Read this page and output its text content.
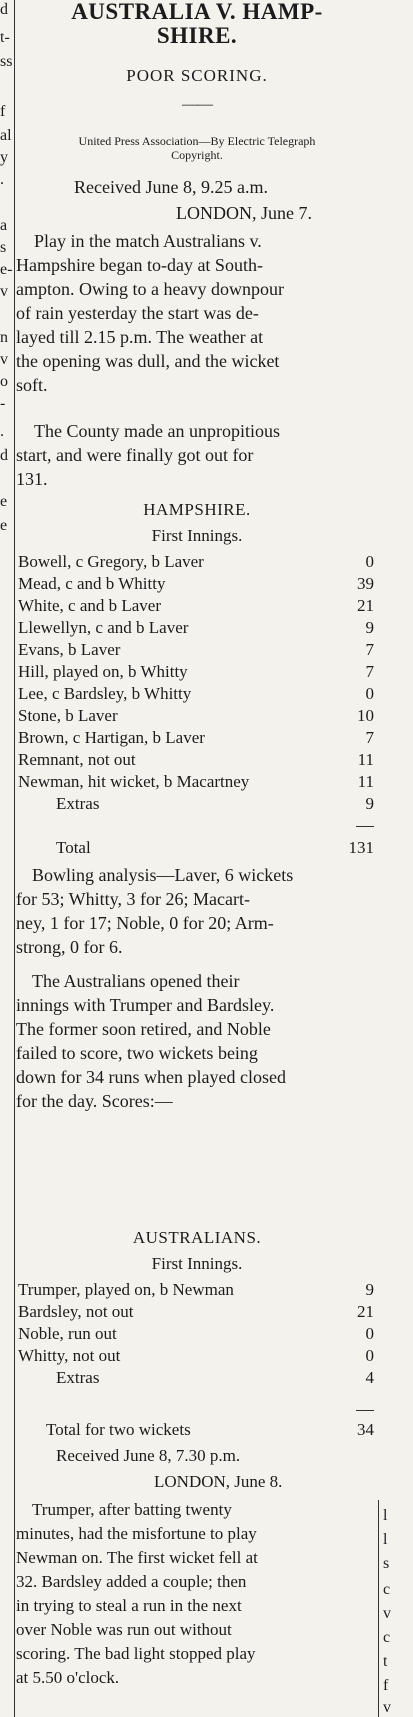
d
t-
ss
f
al
y
.
a
s
e-
v
n
v
o
-
.
d
e
e
AUSTRALIA V. HAMP-
SHIRE.
POOR SCORING.
——
United Press Association—By Electric Telegraph
Copyright.
Received June 8, 9.25 a.m.
LONDON, June 7.
Play in the match Australians v.
Hampshire began to-day at South-
ampton. Owing to a heavy downpour
of rain yesterday the start was de-
layed till 2.15 p.m. The weather at
the opening was dull, and the wicket
soft.
The County made an unpropitious
start, and were finally got out for
131.
HAMPSHIRE.
First Innings.
Bowell, c Gregory, b Laver	0
Mead, c and b Whitty	39
White, c and b Laver	21
Llewellyn, c and b Laver	9
Evans, b Laver	7
Hill, played on, b Whitty	7
Lee, c Bardsley, b Whitty	0
Stone, b Laver	10
Brown, c Hartigan, b Laver	7
Remnant, not out	11
Newman, hit wicket, b Macartney	11
Extras	9
Total	131
Bowling analysis—Laver, 6 wickets
for 53; Whitty, 3 for 26; Macart-
ney, 1 for 17; Noble, 0 for 20; Arm-
strong, 0 for 6.
The Australians opened their
innings with Trumper and Bardsley.
The former soon retired, and Noble
failed to score, two wickets being
down for 34 runs when played closed
for the day. Scores:—
AUSTRALIANS.
First Innings.
Trumper, played on, b Newman	9
Bardsley, not out	21
Noble, run out	0
Whitty, not out	0
Extras	4
Total for two wickets	34
Received June 8, 7.30 p.m.
LONDON, June 8.
Trumper, after batting twenty
minutes, had the misfortune to play
Newman on. The first wicket fell at
32. Bardsley added a couple; then
in trying to steal a run in the next
over Noble was run out without
scoring. The bad light stopped play
at 5.50 o'clock.
l
l
s
c
v
c
t
f
v
